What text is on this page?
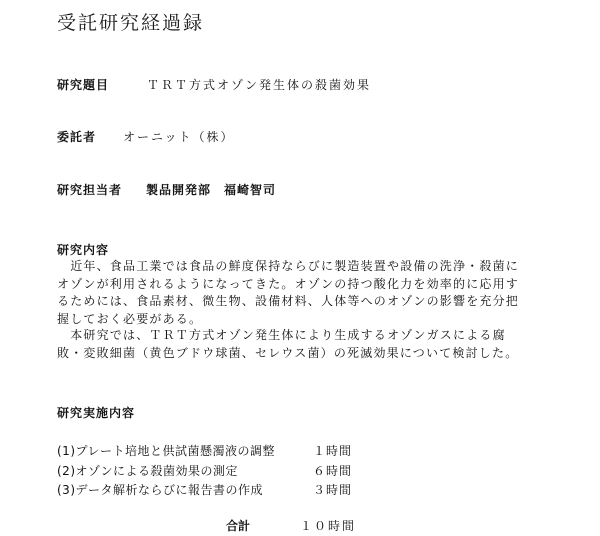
受託研究経過録
研究題目	ＴＲＴ方式オゾン発生体の殺菌効果
委託者 オーニット（株）
研究担当者 製品開発部　福崎智司
研究内容
　近年、食品工業では食品の鮮度保持ならびに製造装置や設備の洗浄・殺菌にオゾンが利用されるようになってきた。オゾンの持つ酸化力を効率的に応用するためには、食品素材、微生物、設備材料、人体等へのオゾンの影響を充分把握しておく必要がある。
　本研究では、ＴＲＴ方式オゾン発生体により生成するオゾンガスによる腐敗・変敗細菌（黄色ブドウ球菌、セレウス菌）の死滅効果について検討した。
研究実施内容
(1)プレート培地と供試菌懸濁液の調整	１時間
(2)オゾンによる殺菌効果の測定	６時間
(3)データ解析ならびに報告書の作成	３時間
合計	１０時間
